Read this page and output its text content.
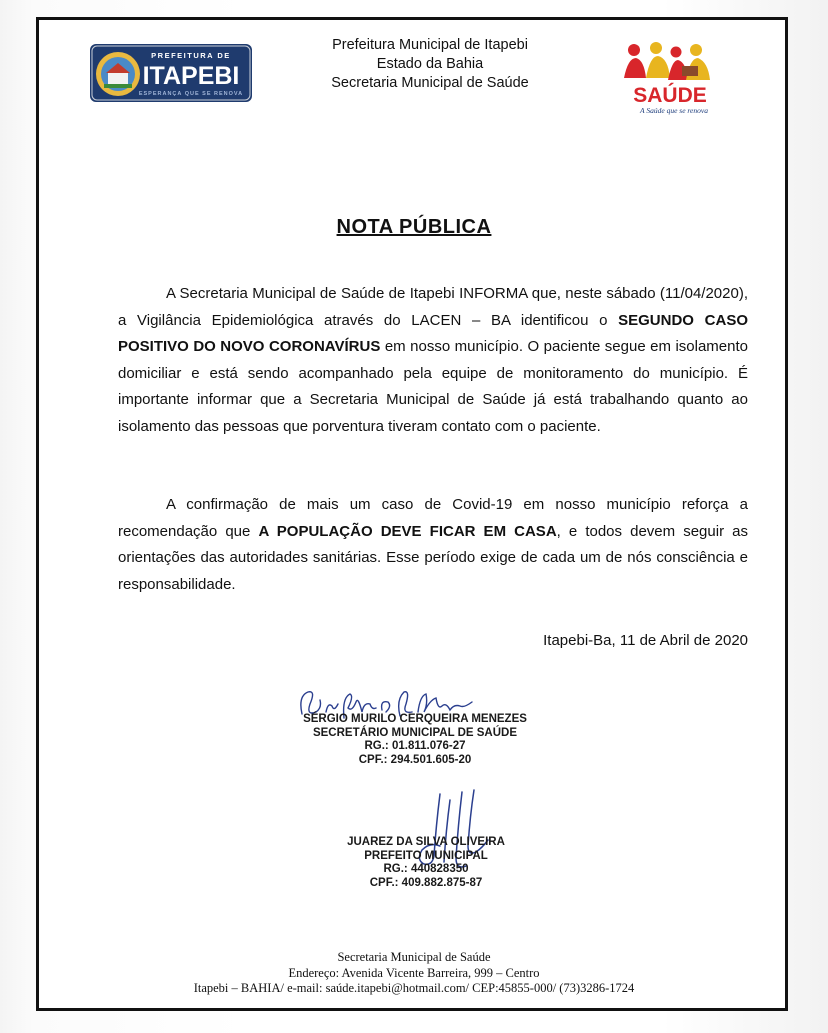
PREFEITURA DE
ITAPEBI
ESPERANÇA QUE SE RENOVA
Prefeitura Municipal de Itapebi
Estado da Bahia
Secretaria Municipal de Saúde
SAÚDE
A Saúde que se renova
NOTA PÚBLICA

A Secretaria Municipal de Saúde de Itapebi INFORMA que, neste sábado (11/04/2020), a Vigilância Epidemiológica através do LACEN – BA identificou o SEGUNDO CASO POSITIVO DO NOVO CORONAVÍRUS em nosso município. O paciente segue em isolamento domiciliar e está sendo acompanhado pela equipe de monitoramento do município. É importante informar que a Secretaria Municipal de Saúde já está trabalhando quanto ao isolamento das pessoas que porventura tiveram contato com o paciente.

A confirmação de mais um caso de Covid-19 em nosso município reforça a recomendação que A POPULAÇÃO DEVE FICAR EM CASA, e todos devem seguir as orientações das autoridades sanitárias. Esse período exige de cada um de nós consciência e responsabilidade.

Itapebi-Ba, 11 de Abril de 2020
SÉRGIO MURILO CERQUEIRA MENEZES
SECRETÁRIO MUNICIPAL DE SAÚDE
RG.: 01.811.076-27
CPF.: 294.501.605-20
JUAREZ DA SILVA OLIVEIRA
PREFEITO MUNICIPAL
RG.: 440828350
CPF.: 409.882.875-87
Secretaria Municipal de Saúde
Endereço: Avenida Vicente Barreira, 999 – Centro
Itapebi – BAHIA/ e-mail: saúde.itapebi@hotmail.com/ CEP:45855-000/ (73)3286-1724
